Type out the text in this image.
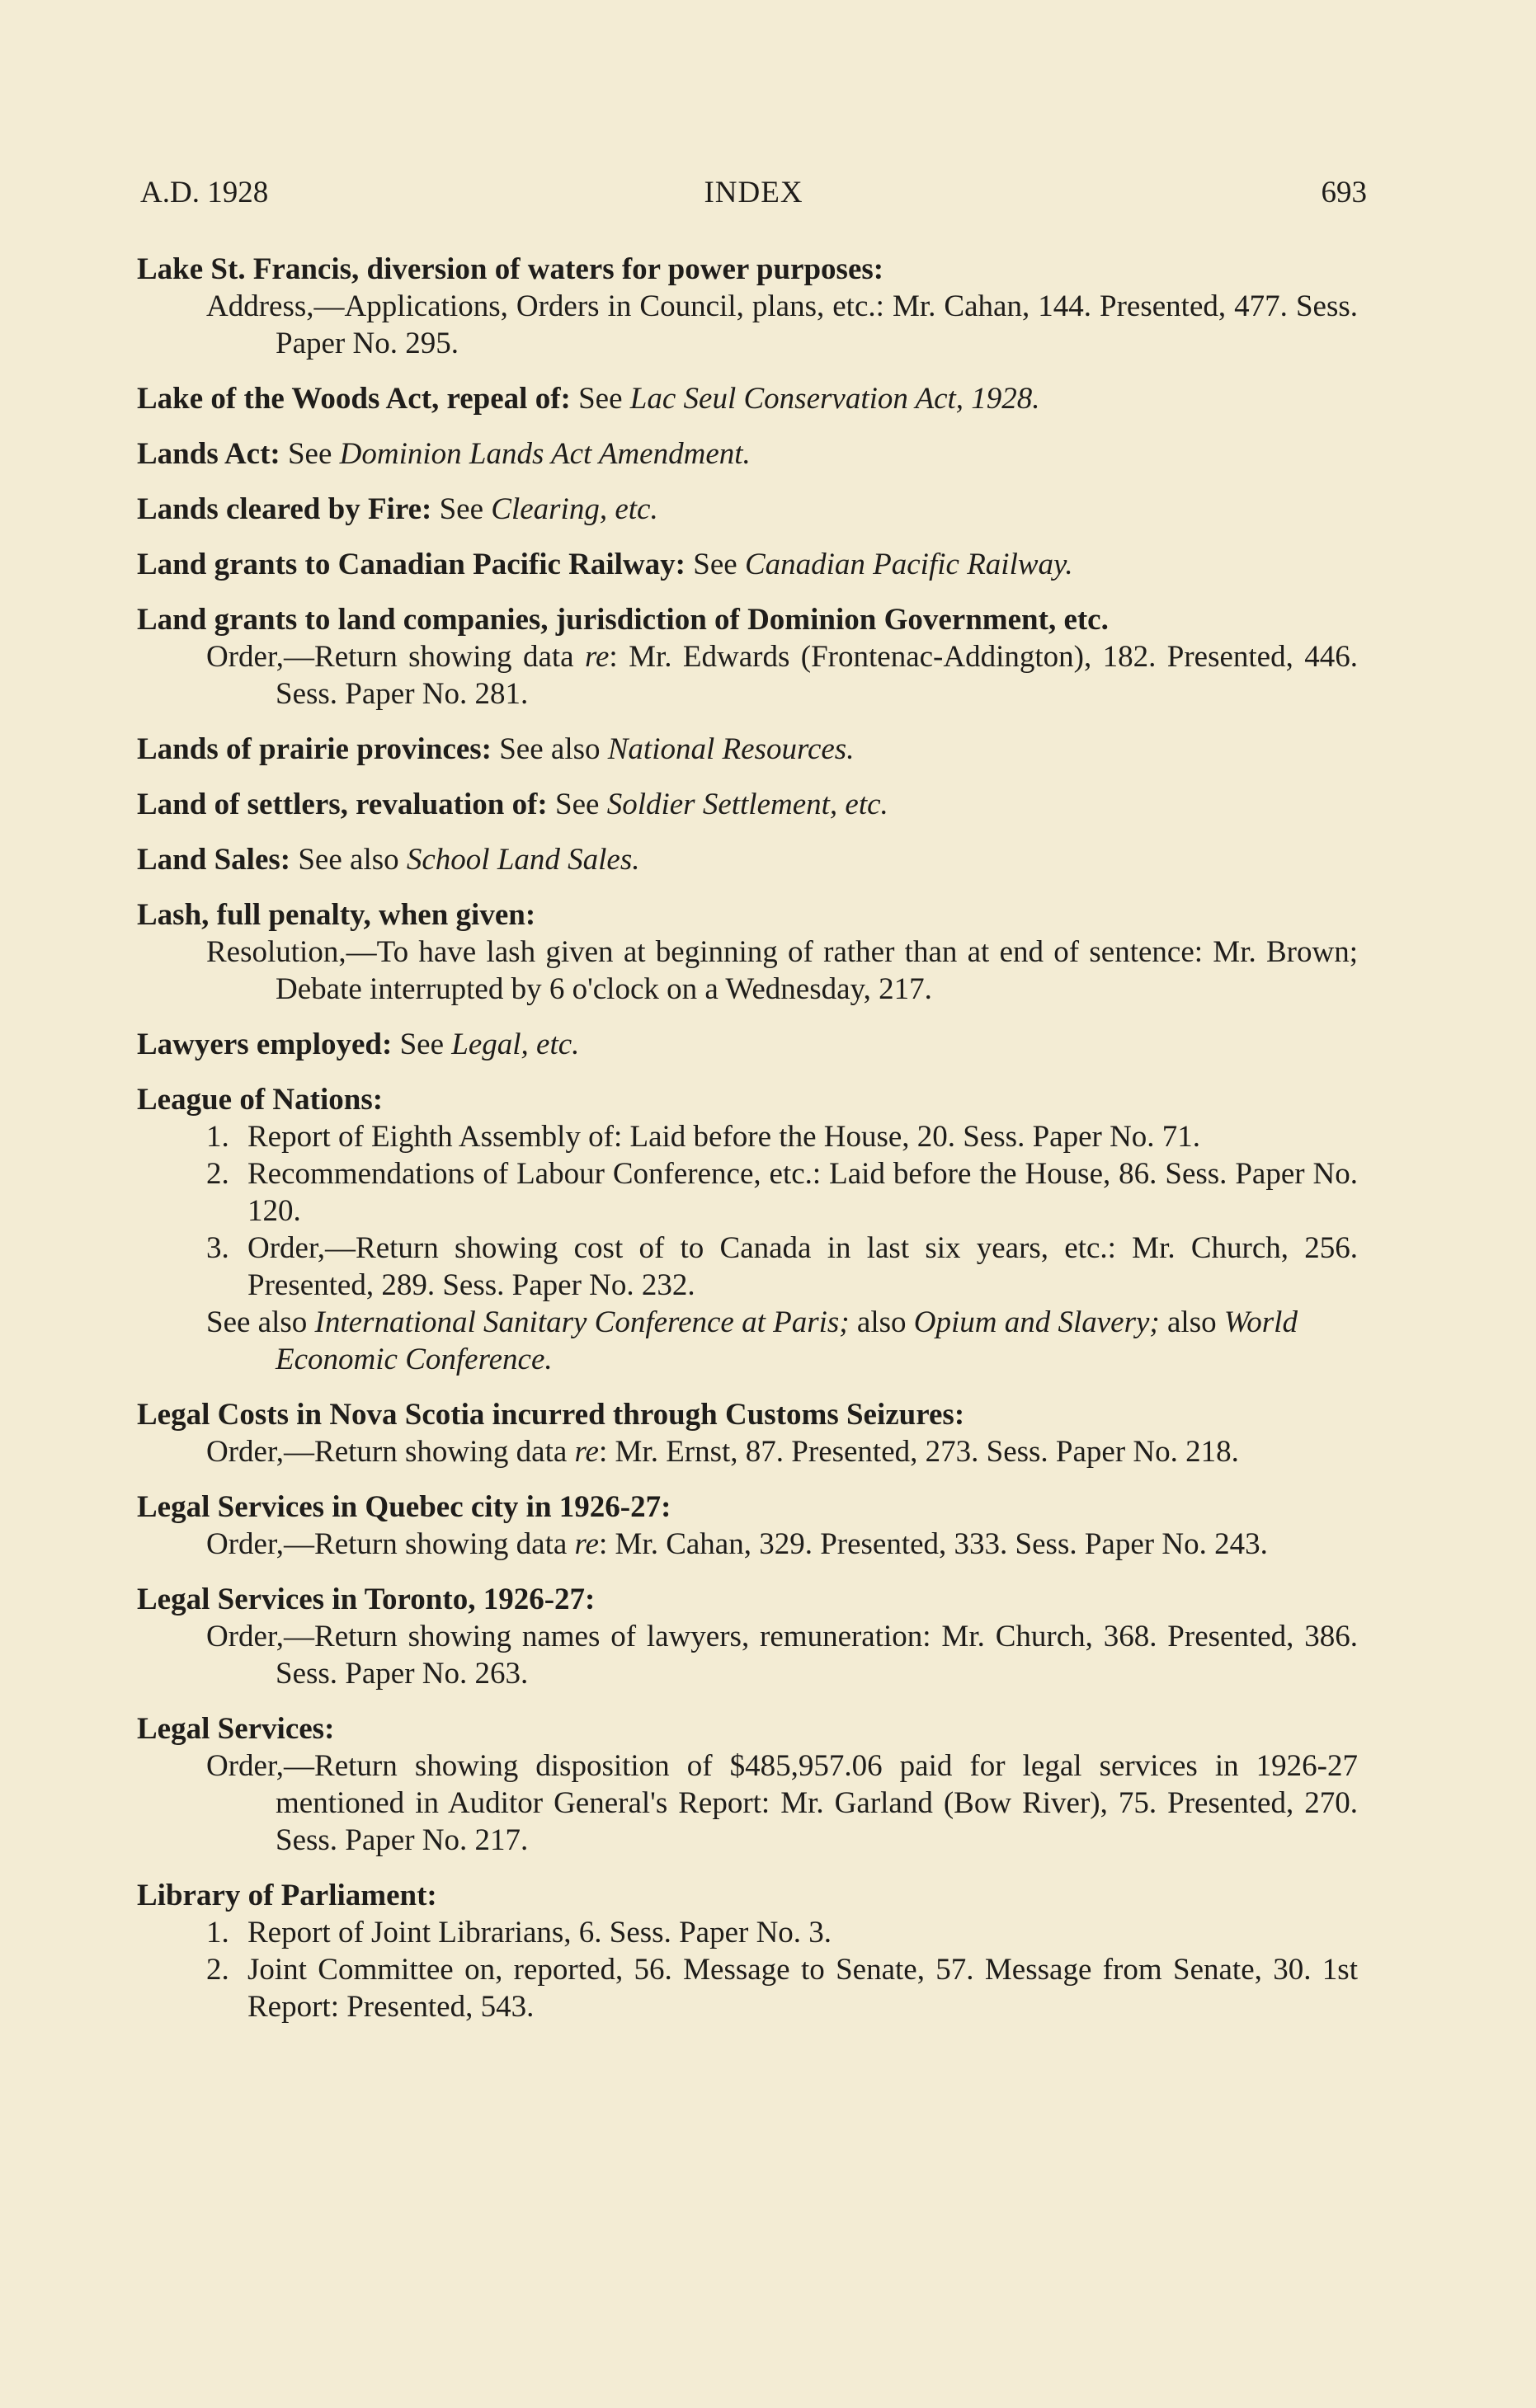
A.D. 1928	INDEX	693
Lake St. Francis, diversion of waters for power purposes:
Address,—Applications, Orders in Council, plans, etc.: Mr. Cahan, 144. Presented, 477. Sess. Paper No. 295.
Lake of the Woods Act, repeal of: See Lac Seul Conservation Act, 1928.
Lands Act: See Dominion Lands Act Amendment.
Lands cleared by Fire: See Clearing, etc.
Land grants to Canadian Pacific Railway: See Canadian Pacific Railway.
Land grants to land companies, jurisdiction of Dominion Government, etc.
Order,—Return showing data re: Mr. Edwards (Frontenac-Addington), 182. Presented, 446. Sess. Paper No. 281.
Lands of prairie provinces: See also National Resources.
Land of settlers, revaluation of: See Soldier Settlement, etc.
Land Sales: See also School Land Sales.
Lash, full penalty, when given:
Resolution,—To have lash given at beginning of rather than at end of sentence: Mr. Brown; Debate interrupted by 6 o'clock on a Wednesday, 217.
Lawyers employed: See Legal, etc.
League of Nations:
1. Report of Eighth Assembly of: Laid before the House, 20. Sess. Paper No. 71.
2. Recommendations of Labour Conference, etc.: Laid before the House, 86. Sess. Paper No. 120.
3. Order,—Return showing cost of to Canada in last six years, etc.: Mr. Church, 256. Presented, 289. Sess. Paper No. 232.
See also International Sanitary Conference at Paris; also Opium and Slavery; also World Economic Conference.
Legal Costs in Nova Scotia incurred through Customs Seizures:
Order,—Return showing data re: Mr. Ernst, 87. Presented, 273. Sess. Paper No. 218.
Legal Services in Quebec city in 1926-27:
Order,—Return showing data re: Mr. Cahan, 329. Presented, 333. Sess. Paper No. 243.
Legal Services in Toronto, 1926-27:
Order,—Return showing names of lawyers, remuneration: Mr. Church, 368. Presented, 386. Sess. Paper No. 263.
Legal Services:
Order,—Return showing disposition of $485,957.06 paid for legal services in 1926-27 mentioned in Auditor General's Report: Mr. Garland (Bow River), 75. Presented, 270. Sess. Paper No. 217.
Library of Parliament:
1. Report of Joint Librarians, 6. Sess. Paper No. 3.
2. Joint Committee on, reported, 56. Message to Senate, 57. Message from Senate, 30. 1st Report: Presented, 543.
